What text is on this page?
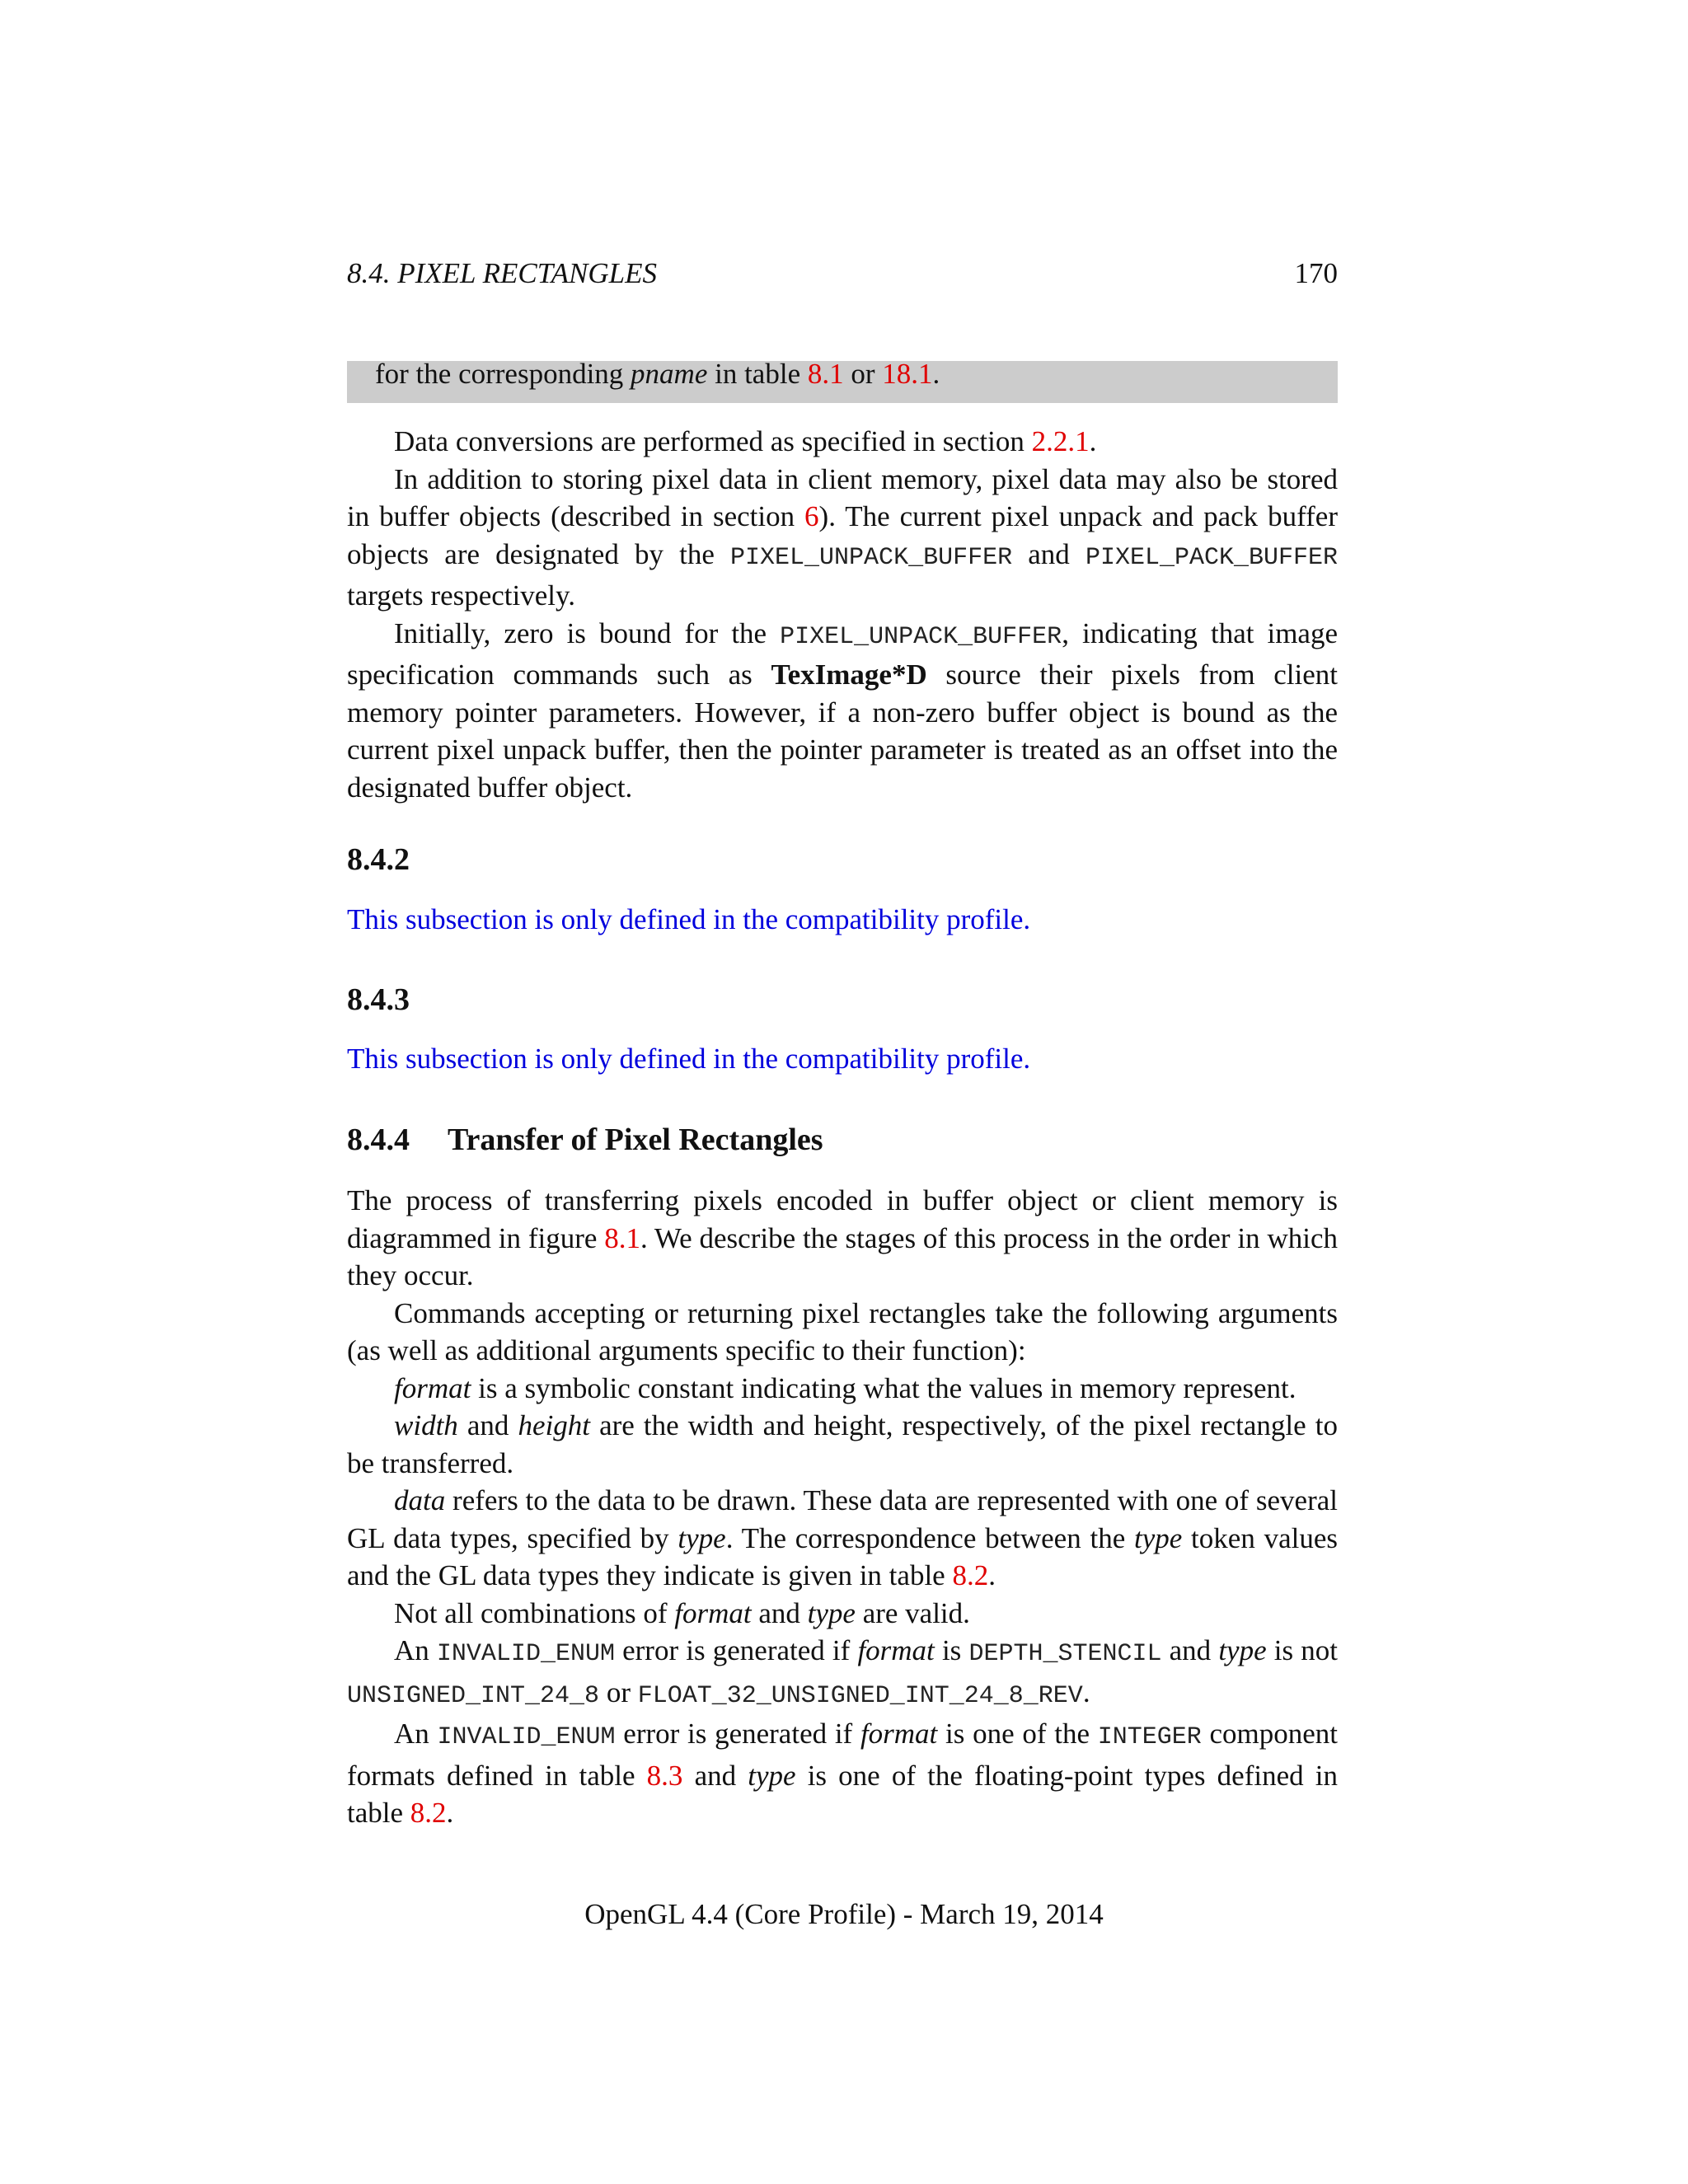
8.4. PIXEL RECTANGLES	170
for the corresponding pname in table 8.1 or 18.1.

Data conversions are performed as specified in section 2.2.1.

In addition to storing pixel data in client memory, pixel data may also be stored in buffer objects (described in section 6). The current pixel unpack and pack buffer objects are designated by the PIXEL_UNPACK_BUFFER and PIXEL_PACK_BUFFER targets respectively.

Initially, zero is bound for the PIXEL_UNPACK_BUFFER, indicating that image specification commands such as TexImage*D source their pixels from client memory pointer parameters. However, if a non-zero buffer object is bound as the current pixel unpack buffer, then the pointer parameter is treated as an offset into the designated buffer object.

8.4.2
This subsection is only defined in the compatibility profile.
8.4.3
This subsection is only defined in the compatibility profile.
8.4.4 Transfer of Pixel Rectangles

The process of transferring pixels encoded in buffer object or client memory is diagrammed in figure 8.1. We describe the stages of this process in the order in which they occur.

Commands accepting or returning pixel rectangles take the following arguments (as well as additional arguments specific to their function):

format is a symbolic constant indicating what the values in memory represent.

width and height are the width and height, respectively, of the pixel rectangle to be transferred.

data refers to the data to be drawn. These data are represented with one of several GL data types, specified by type. The correspondence between the type token values and the GL data types they indicate is given in table 8.2.

Not all combinations of format and type are valid.

An INVALID_ENUM error is generated if format is DEPTH_STENCIL and type is not UNSIGNED_INT_24_8 or FLOAT_32_UNSIGNED_INT_24_8_REV.

An INVALID_ENUM error is generated if format is one of the INTEGER component formats defined in table 8.3 and type is one of the floating-point types defined in table 8.2.

OpenGL 4.4 (Core Profile) - March 19, 2014
